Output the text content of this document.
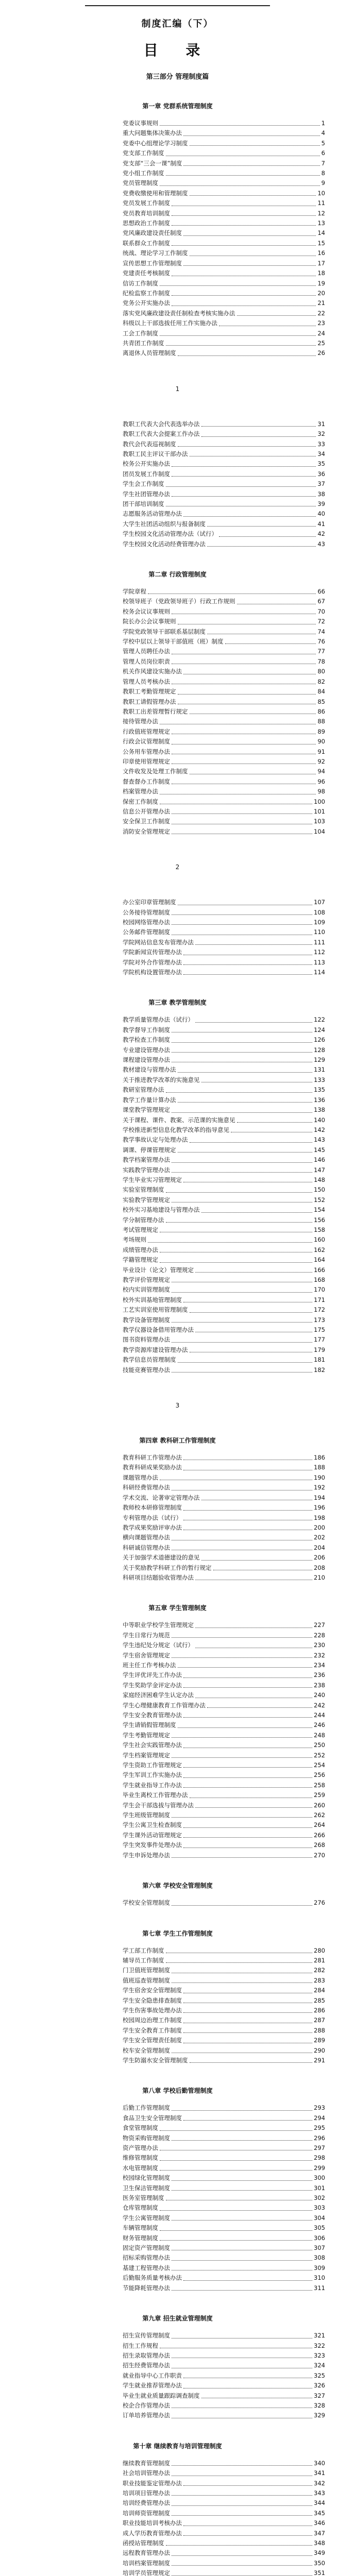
制度汇编（下）
目 录
第三部分 管理制度篇
第一章 党群系统管理制度
党委议事规则	1
重大问题集体决策办法	4
党委中心组理论学习制度	5
党支部工作制度	6
党支部“三会一课”制度	7
党小组工作制度	8
党员管理制度	9
党费收缴使用和管理制度	10
党员发展工作制度	11
党员教育培训制度	12
思想政治工作制度	13
党风廉政建设责任制度	14
联系群众工作制度	15
统战、理论学习工作制度	16
宣传思想工作管理制度	17
党建责任考核制度	18
信访工作制度	19
纪检监察工作制度	20
党务公开实施办法	21
落实党风廉政建设责任制检查考核实施办法	22
科级以上干部选拔任用工作实施办法	23
工会工作制度	24
共青团工作制度	25
离退休人员管理制度	26
1
教职工代表大会代表选举办法	31
教职工代表大会提案工作办法	32
教代会代表巡视制度	33
教职工民主评议干部办法	34
校务公开实施办法	35
团员发展工作制度	36
学生会工作制度	37
学生社团管理办法	38
团干部培训制度	39
志愿服务活动管理办法	40
大学生社团活动组织与报备制度	41
学生校园文化活动管理办法（试行）	42
学生校园文化活动经费管理办法	43
第二章 行政管理制度
学院章程	66
校领导班子（党政领导班子）行政工作规则	67
校务会议议事规则	70
院长办公会议事规则	72
学院党政领导干部联系基层制度	74
学校中层以上领导干部值班（班）制度	76
管理人员聘任办法	77
管理人员岗位职责	78
机关作风建设实施办法	80
管理人员考核办法	82
教职工考勤管理规定	84
教职工请假管理办法	85
教职工出差管理暂行规定	86
接待管理办法	88
行政值班管理规定	89
行政会议管理制度	90
公务用车管理办法	91
印章使用管理规定	92
文件收发及处理工作制度	94
督查督办工作制度	96
档案管理办法	98
保密工作制度	100
信息公开管理办法	101
安全保卫工作制度	103
消防安全管理规定	104
2
办公室印章管理制度	107
公务接待管理制度	108
校园网络管理办法	109
公务邮件管理制度	110
学院网站信息发布管理办法	111
学院新闻宣传管理办法	112
学院对外合作管理办法	113
学院机构设置管理办法	114
第三章 教学管理制度
教学质量管理办法（试行）	122
教学督导工作制度	124
教学检查工作制度	126
专业建设管理办法	128
课程建设管理办法	129
教材建设与管理办法	131
关于推进教学改革的实施意见	133
教研室管理办法	135
教学工作量计算办法	136
课堂教学管理规定	138
关于课程、课件、教案、示范课的实施意见	140
学校推进新型信息化教学改革的指导意见	142
教学事故认定与处理办法	143
调课、停课管理规定	145
教学档案管理办法	146
实践教学管理办法	147
学生毕业实习管理规定	148
实验室管理制度	150
实验教学管理规定	152
校外实习基地建设与管理办法	154
学分制管理办法	156
考试管理规定	158
考场规则	160
成绩管理办法	162
学籍管理规定	164
毕业设计（论文）管理规定	166
教学评价管理规定	168
校内实训管理制度	170
校外实训基地管理制度	171
工艺实训室使用管理制度	172
教学设备管理制度	173
教学仪器设备借用管理办法	175
图书资料管理办法	177
教学资源库建设管理办法	179
教学信息员管理制度	181
技能竞赛管理办法	182
3
第四章 教科研工作管理制度
教育科研工作管理办法	186
教育科研成果奖励办法	188
课题管理办法	190
科研经费管理办法	192
学术交流、论著审定管理办法	194
教师校本研修管理制度	196
专利管理办法（试行）	198
教学成果奖励评审办法	200
横向课题管理办法	202
科研诚信管理办法	204
关于加强学术道德建设的意见	206
关于奖励教学科研工作的暂行规定	208
科研项目结题验收管理办法	210
第五章 学生管理制度
中等职业学校学生管理规定	227
学生日常行为规范	228
学生违纪处分规定（试行）	230
学生宿舍管理规定	232
班主任工作考核办法	234
学生评优评先工作办法	236
学生奖助学金评定办法	238
家庭经济困难学生认定办法	240
学生心理健康教育工作管理办法	242
学生安全教育管理办法	244
学生请销假管理制度	246
学生考勤管理规定	248
学生社会实践管理办法	250
学生档案管理规定	252
学生资助工作管理规定	254
学生军训工作实施办法	256
学生就业指导工作办法	258
毕业生离校工作管理办法	259
学生会干部选拔与管理办法	260
学生班级管理制度	262
学生公寓卫生检查制度	264
学生课外活动管理规定	266
学生突发事件处理办法	268
学生申诉处理办法	270
第六章 学校安全管理制度
学校安全管理制度	276
第七章 学生工作管理制度
学工部工作制度	280
辅导员工作制度	281
门卫值班管理制度	282
值班巡查管理制度	283
学生宿舍安全管理制度	284
学生安全隐患排查制度	285
学生伤害事故处理办法	286
校园周边治理工作制度	287
学生安全教育工作制度	288
学生安全管理责任制度	289
校车安全管理制度	290
学生防溺水安全管理制度	291
第八章 学校后勤管理制度
后勤工作管理制度	293
食品卫生安全管理制度	294
食堂管理制度	295
物资采购管理制度	296
资产管理办法	297
维修管理制度	298
水电管理制度	299
校园绿化管理制度	300
卫生保洁管理制度	301
医务室管理制度	302
仓库管理制度	303
学生公寓管理制度	304
车辆管理制度	305
财务管理制度	306
固定资产管理制度	307
招标采购管理办法	308
基建工程管理办法	309
后勤服务质量考核办法	310
节能降耗管理办法	311
第九章 招生就业管理制度
招生宣传管理制度	321
招生工作规程	322
招生录取管理办法	323
招生经费管理办法	324
就业指导中心工作职责	325
学生就业推荐管理办法	326
毕业生就业质量跟踪调查制度	327
校企合作管理办法	328
订单培养管理办法	329
第十章 继续教育与培训管理制度
继续教育管理制度	340
社会培训管理办法	341
职业技能鉴定管理办法	342
培训项目管理办法	343
培训经费管理办法	344
培训师资管理制度	345
职业技能培训考核办法	346
成人学历教育管理办法	347
函授站管理制度	348
远程教育管理办法	349
培训档案管理制度	350
培训学员管理规定	351
